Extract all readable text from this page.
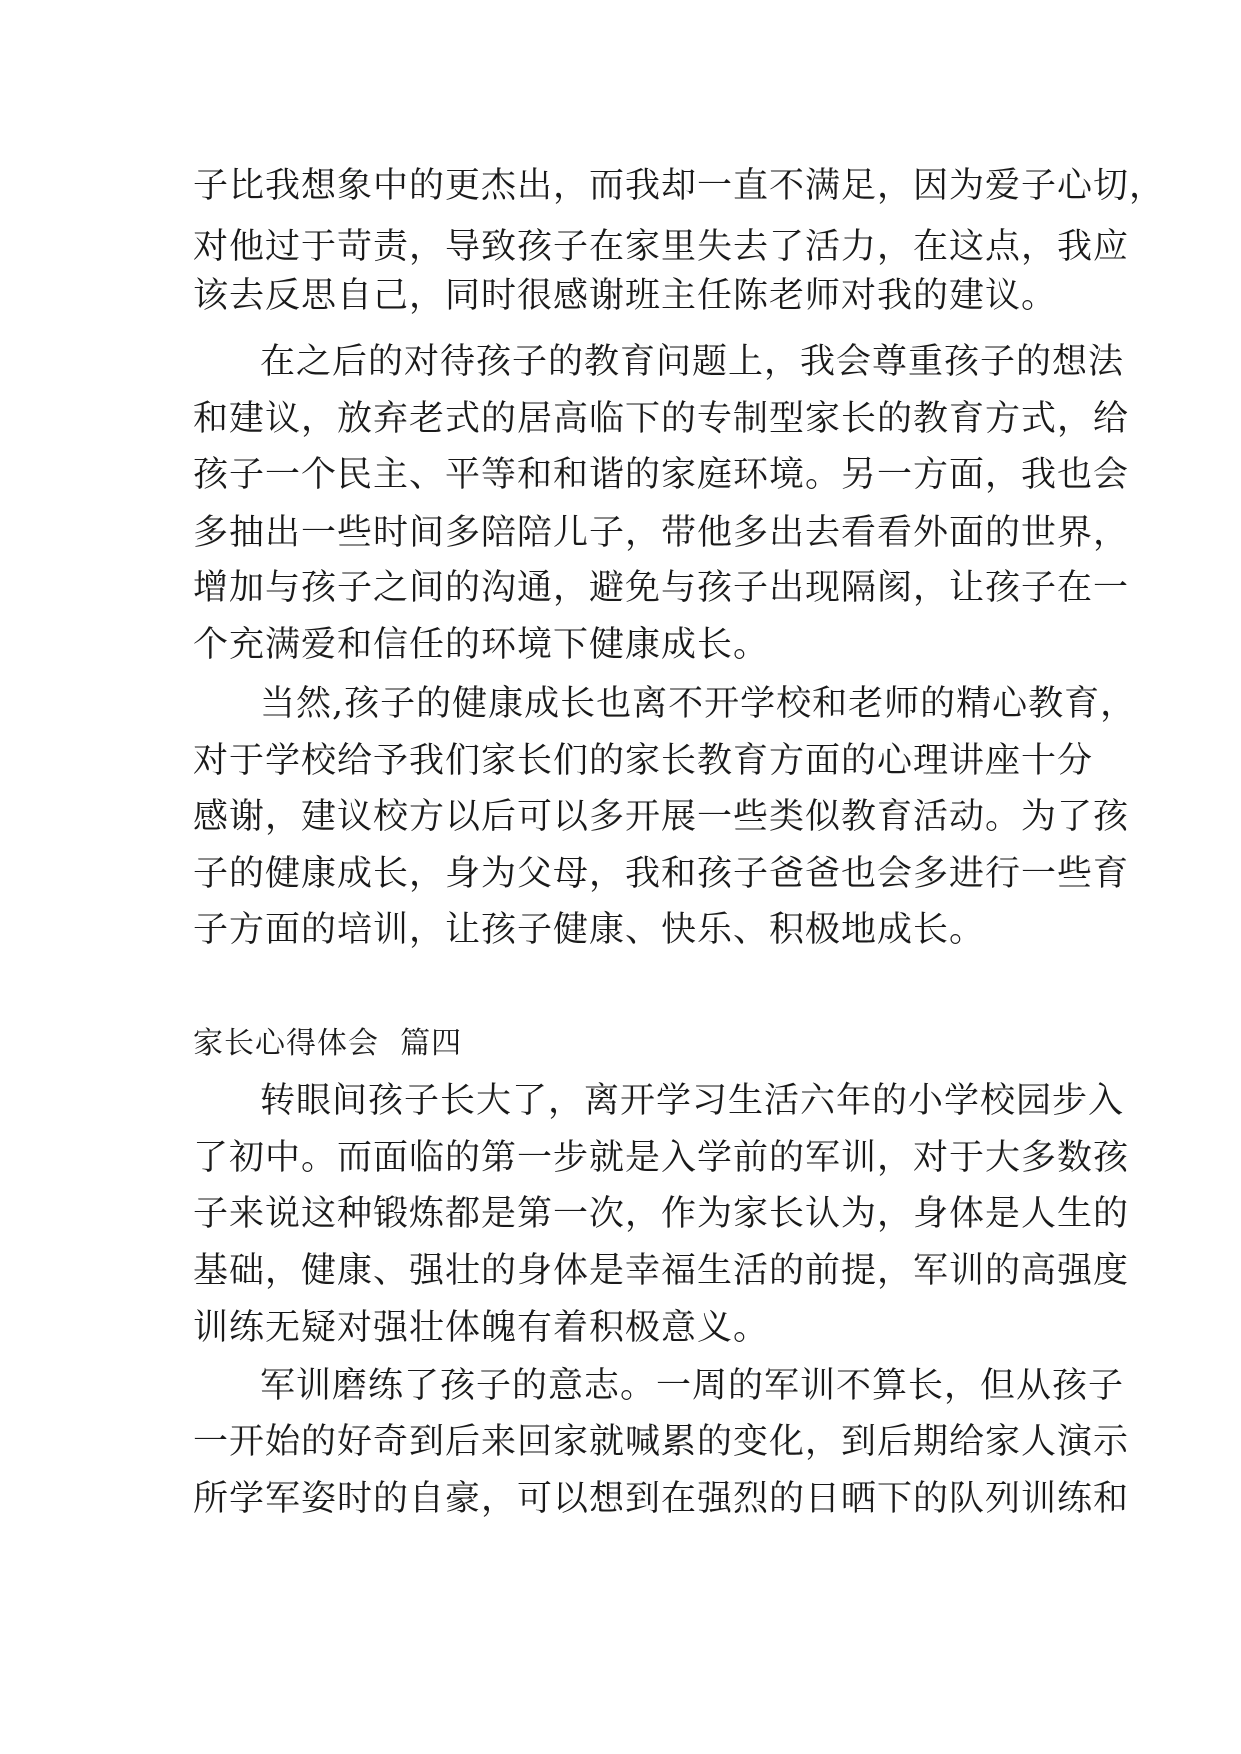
子比我想象中的更杰出，而我却一直不满足，因为爱子心切，
对他过于苛责，导致孩子在家里失去了活力，在这点，我应
该去反思自己，同时很感谢班主任陈老师对我的建议。
在之后的对待孩子的教育问题上，我会尊重孩子的想法
和建议，放弃老式的居高临下的专制型家长的教育方式，给
孩子一个民主、平等和和谐的家庭环境。另一方面，我也会
多抽出一些时间多陪陪儿子，带他多出去看看外面的世界，
增加与孩子之间的沟通，避免与孩子出现隔阂，让孩子在一
个充满爱和信任的环境下健康成长。
当然,孩子的健康成长也离不开学校和老师的精心教育，
对于学校给予我们家长们的家长教育方面的心理讲座十分
感谢，建议校方以后可以多开展一些类似教育活动。为了孩
子的健康成长，身为父母，我和孩子爸爸也会多进行一些育
子方面的培训，让孩子健康、快乐、积极地成长。
家长心得体会  篇四
转眼间孩子长大了，离开学习生活六年的小学校园步入
了初中。而面临的第一步就是入学前的军训，对于大多数孩
子来说这种锻炼都是第一次，作为家长认为，身体是人生的
基础，健康、强壮的身体是幸福生活的前提，军训的高强度
训练无疑对强壮体魄有着积极意义。
军训磨练了孩子的意志。一周的军训不算长，但从孩子
一开始的好奇到后来回家就喊累的变化，到后期给家人演示
所学军姿时的自豪，可以想到在强烈的日晒下的队列训练和
